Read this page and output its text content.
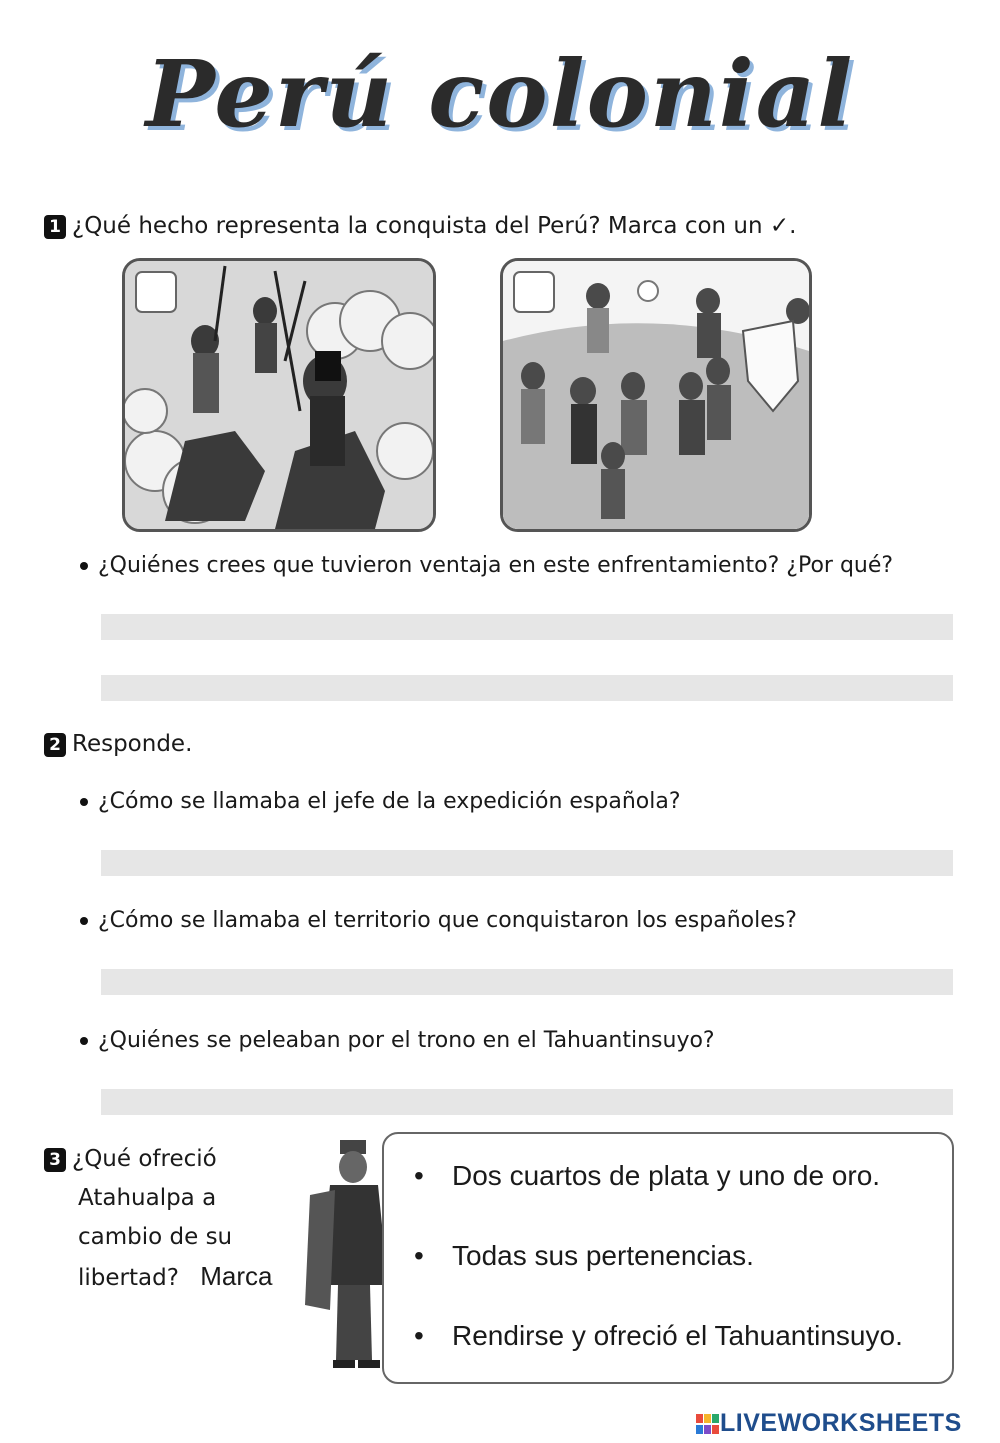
Perú colonial
1 ¿Qué hecho representa la conquista del Perú? Marca con un ✓.
¿Quiénes crees que tuvieron ventaja en este enfrentamiento? ¿Por qué?
2 Responde.
¿Cómo se llamaba el jefe de la expedición española?
¿Cómo se llamaba el territorio que conquistaron los españoles?
¿Quiénes se peleaban por el trono en el Tahuantinsuyo?
3 ¿Qué ofreció
Atahualpa a
cambio de su
libertad? Marca
• Dos cuartos de plata y uno de oro.
• Todas sus pertenencias.
• Rendirse y ofreció el Tahuantinsuyo.
LIVEWORKSHEETS
